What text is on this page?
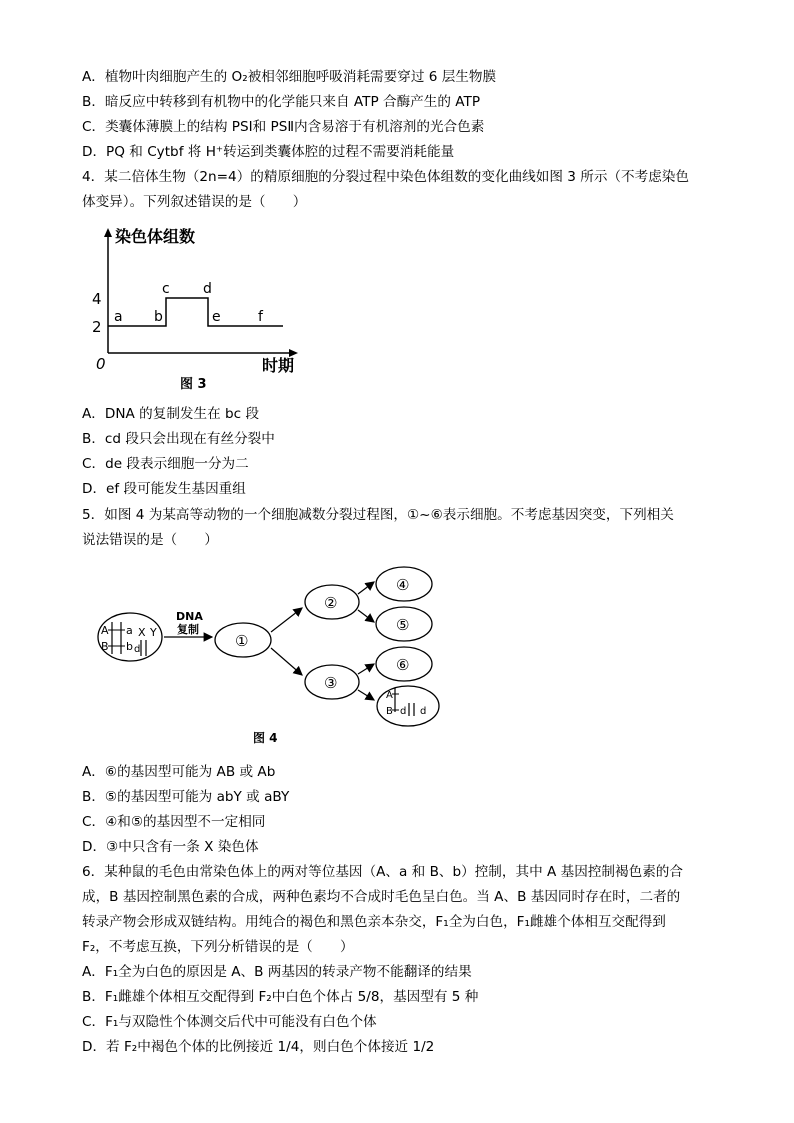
A．植物叶肉细胞产生的 O₂被相邻细胞呼吸消耗需要穿过 6 层生物膜
B．暗反应中转移到有机物中的化学能只来自 ATP 合酶产生的 ATP
C．类囊体薄膜上的结构 PSⅠ和 PSⅡ内含易溶于有机溶剂的光合色素
D．PQ 和 Cytbf 将 H⁺转运到类囊体腔的过程不需要消耗能量
4．某二倍体生物（2n=4）的精原细胞的分裂过程中染色体组数的变化曲线如图 3 所示（不考虑染色
体变异）。下列叙述错误的是（　　）
染色体组数
时期
0
4
2
a b
c d
e	f
图 3
A．DNA 的复制发生在 bc 段
B．cd 段只会出现在有丝分裂中
C．de 段表示细胞一分为二
D．ef 段可能发生基因重组
5．如图 4 为某高等动物的一个细胞减数分裂过程图，①~⑥表示细胞。不考虑基因突变，下列相关
说法错误的是（　　）
A a
B b
X Y
d
DNA
复制
①
②
③
④
⑤
⑥
A
B d d
图 4
A．⑥的基因型可能为 AB 或 Ab
B．⑤的基因型可能为 abY 或 aBY
C．④和⑤的基因型不一定相同
D．③中只含有一条 X 染色体
6．某种鼠的毛色由常染色体上的两对等位基因（A、a 和 B、b）控制，其中 A 基因控制褐色素的合
成，B 基因控制黑色素的合成，两种色素均不合成时毛色呈白色。当 A、B 基因同时存在时，二者的
转录产物会形成双链结构。用纯合的褐色和黑色亲本杂交，F₁全为白色，F₁雌雄个体相互交配得到
F₂，不考虑互换，下列分析错误的是（　　）
A．F₁全为白色的原因是 A、B 两基因的转录产物不能翻译的结果
B．F₁雌雄个体相互交配得到 F₂中白色个体占 5/8，基因型有 5 种
C．F₁与双隐性个体测交后代中可能没有白色个体
D．若 F₂中褐色个体的比例接近 1/4，则白色个体接近 1/2
